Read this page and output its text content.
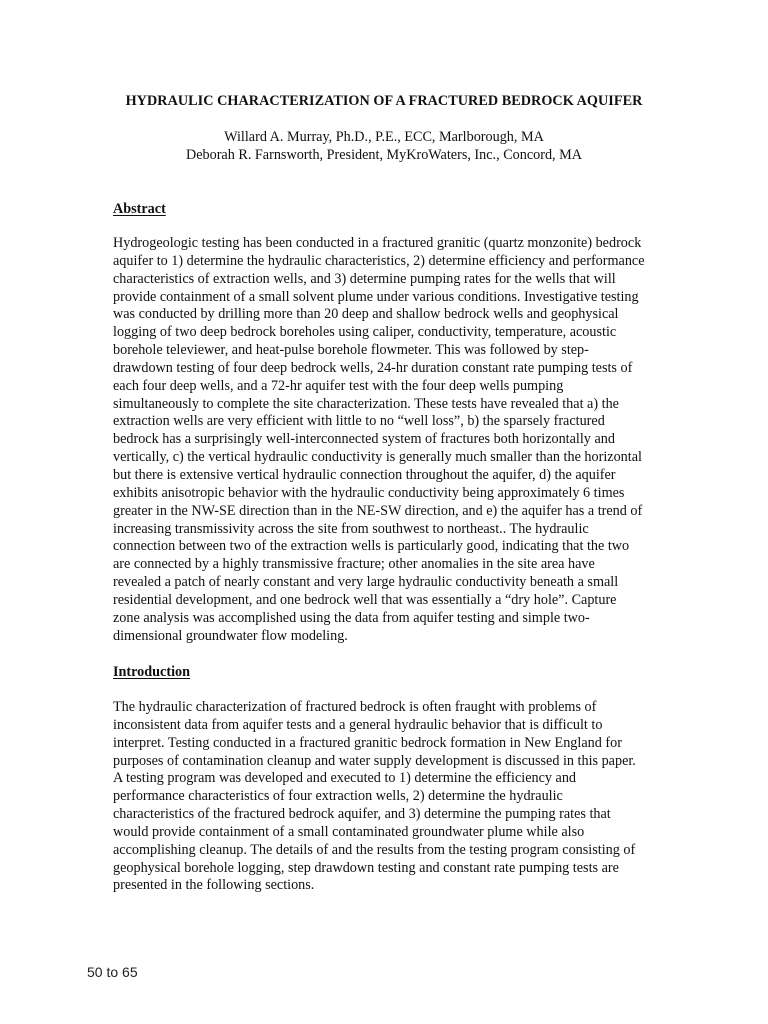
HYDRAULIC CHARACTERIZATION OF A FRACTURED BEDROCK AQUIFER
Willard A. Murray, Ph.D., P.E., ECC, Marlborough, MA
Deborah R. Farnsworth, President, MyKroWaters, Inc., Concord, MA
Abstract
Hydrogeologic testing has been conducted in a fractured granitic (quartz monzonite) bedrock
aquifer to 1) determine the hydraulic characteristics, 2) determine efficiency and performance
characteristics of extraction wells, and 3) determine pumping rates for the wells that will
provide containment of a small solvent plume under various conditions. Investigative testing
was conducted by drilling more than 20 deep and shallow bedrock wells and geophysical
logging of two deep bedrock boreholes using caliper, conductivity, temperature, acoustic
borehole televiewer, and heat-pulse borehole flowmeter. This was followed by step-
drawdown testing of four deep bedrock wells, 24-hr duration constant rate pumping tests of
each four deep wells, and a 72-hr aquifer test with the four deep wells pumping
simultaneously to complete the site characterization. These tests have revealed that a) the
extraction wells are very efficient with little to no “well loss”, b) the sparsely fractured
bedrock has a surprisingly well-interconnected system of fractures both horizontally and
vertically, c) the vertical hydraulic conductivity is generally much smaller than the horizontal
but there is extensive vertical hydraulic connection throughout the aquifer, d) the aquifer
exhibits anisotropic behavior with the hydraulic conductivity being approximately 6 times
greater in the NW-SE direction than in the NE-SW direction, and e) the aquifer has a trend of
increasing transmissivity across the site from southwest to northeast.. The hydraulic
connection between two of the extraction wells is particularly good, indicating that the two
are connected by a highly transmissive fracture; other anomalies in the site area have
revealed a patch of nearly constant and very large hydraulic conductivity beneath a small
residential development, and one bedrock well that was essentially a “dry hole”. Capture
zone analysis was accomplished using the data from aquifer testing and simple two-
dimensional groundwater flow modeling.
Introduction
The hydraulic characterization of fractured bedrock is often fraught with problems of
inconsistent data from aquifer tests and a general hydraulic behavior that is difficult to
interpret. Testing conducted in a fractured granitic bedrock formation in New England for
purposes of contamination cleanup and water supply development is discussed in this paper.
A testing program was developed and executed to 1) determine the efficiency and
performance characteristics of four extraction wells, 2) determine the hydraulic
characteristics of the fractured bedrock aquifer, and 3) determine the pumping rates that
would provide containment of a small contaminated groundwater plume while also
accomplishing cleanup. The details of and the results from the testing program consisting of
geophysical borehole logging, step drawdown testing and constant rate pumping tests are
presented in the following sections.
50 to 65
